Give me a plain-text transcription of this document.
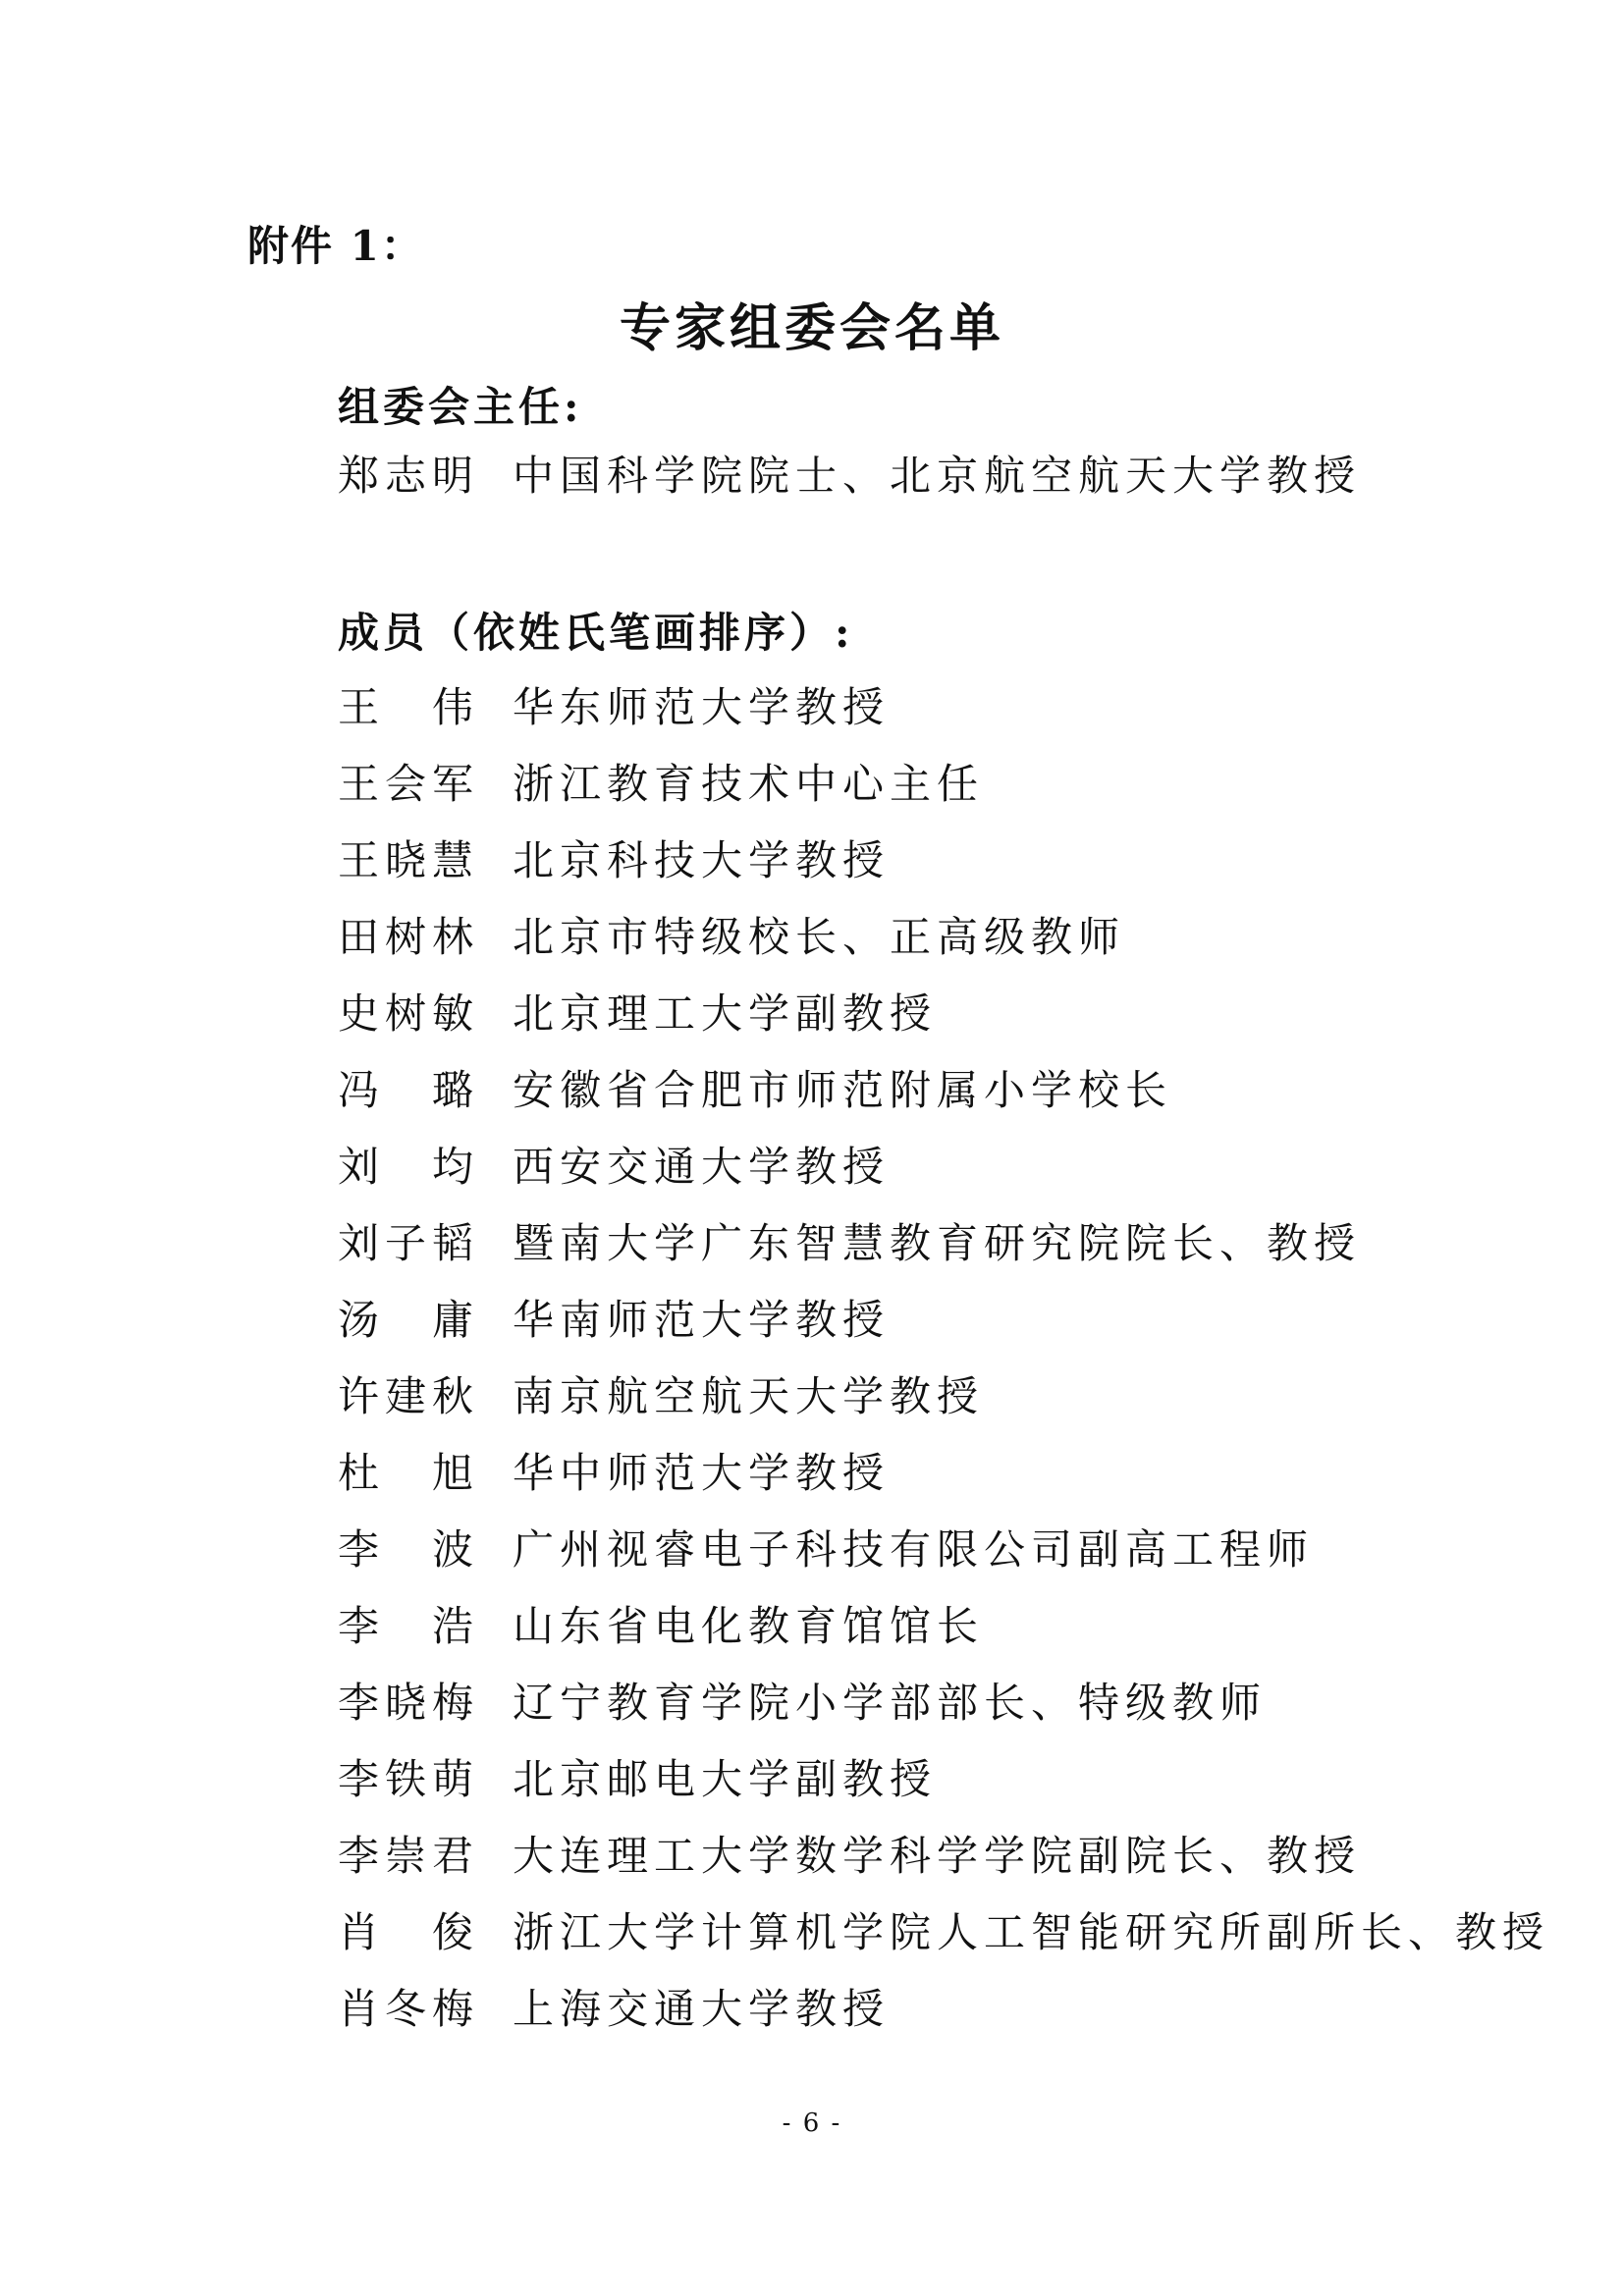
附件 1：
专家组委会名单
组委会主任:
郑志明 中国科学院院士、北京航空航天大学教授
成员（依姓氏笔画排序）:
王　伟 华东师范大学教授
王会军 浙江教育技术中心主任
王晓慧 北京科技大学教授
田树林 北京市特级校长、正高级教师
史树敏 北京理工大学副教授
冯　璐 安徽省合肥市师范附属小学校长
刘　均 西安交通大学教授
刘子韬 暨南大学广东智慧教育研究院院长、教授
汤　庸 华南师范大学教授
许建秋 南京航空航天大学教授
杜　旭 华中师范大学教授
李　波 广州视睿电子科技有限公司副高工程师
李　浩 山东省电化教育馆馆长
李晓梅 辽宁教育学院小学部部长、特级教师
李铁萌 北京邮电大学副教授
李崇君 大连理工大学数学科学学院副院长、教授
肖　俊 浙江大学计算机学院人工智能研究所副所长、教授
肖冬梅 上海交通大学教授
- 6 -
